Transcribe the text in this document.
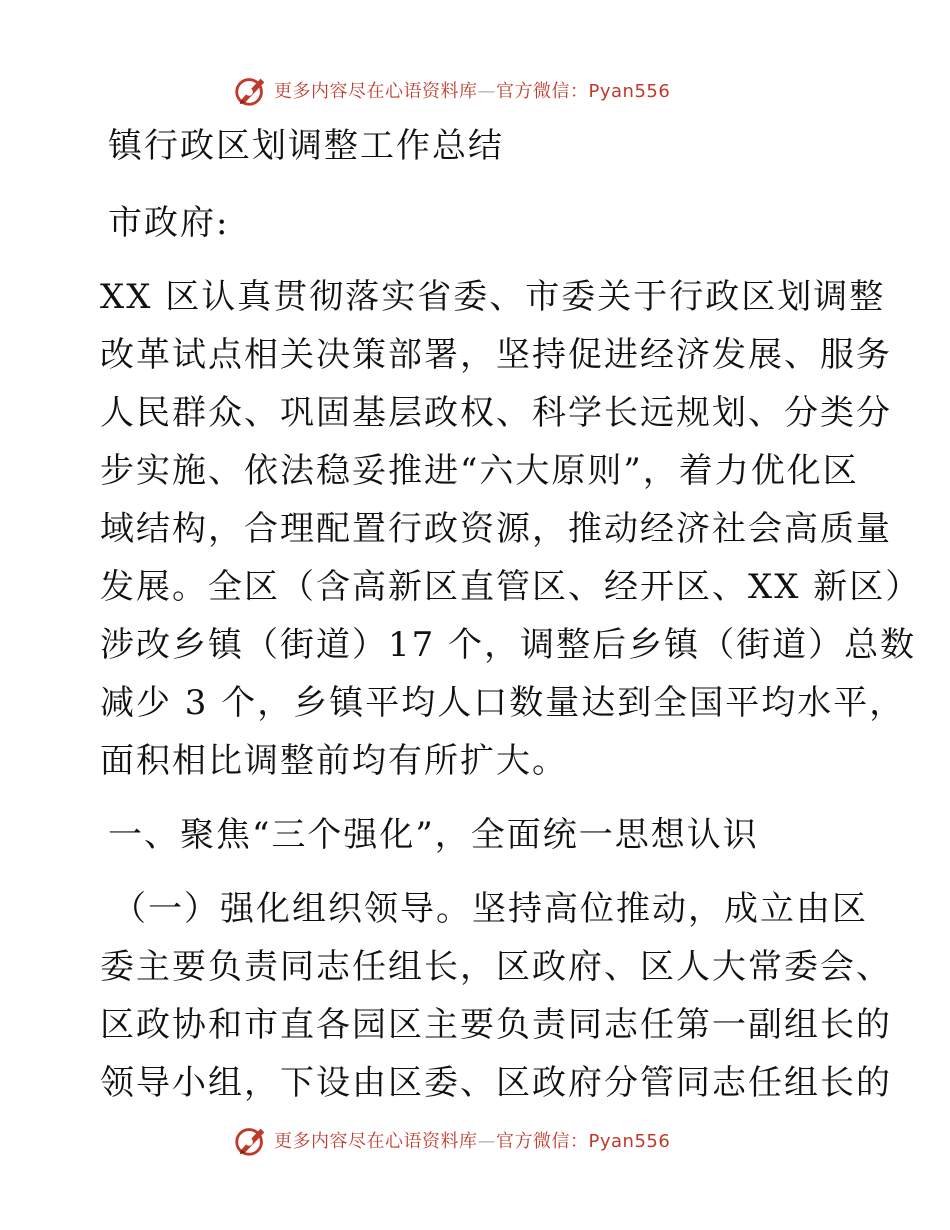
更多内容尽在心语资料库—官方微信：Pyan556
镇行政区划调整工作总结
市政府:
XX 区认真贯彻落实省委、市委关于行政区划调整
改革试点相关决策部署，坚持促进经济发展、服务
人民群众、巩固基层政权、科学长远规划、分类分
步实施、依法稳妥推进“六大原则”，着力优化区
域结构，合理配置行政资源，推动经济社会高质量
发展。全区（含高新区直管区、经开区、XX 新区）
涉改乡镇（街道）17 个，调整后乡镇（街道）总数
减少 3 个，乡镇平均人口数量达到全国平均水平，
面积相比调整前均有所扩大。
一、聚焦“三个强化”，全面统一思想认识
（一）强化组织领导。坚持高位推动，成立由区
委主要负责同志任组长，区政府、区人大常委会、
区政协和市直各园区主要负责同志任第一副组长的
领导小组，下设由区委、区政府分管同志任组长的
更多内容尽在心语资料库—官方微信：Pyan556
